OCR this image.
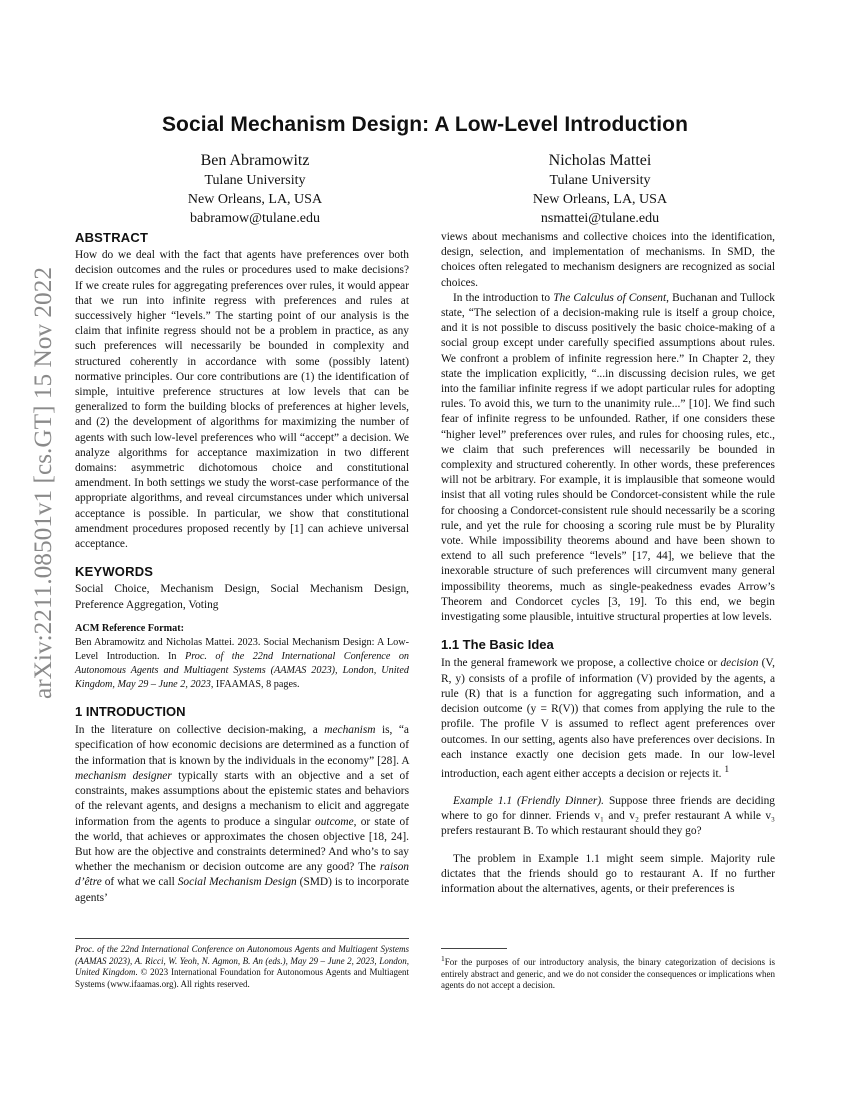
arXiv:2211.08501v1 [cs.GT] 15 Nov 2022
Social Mechanism Design: A Low-Level Introduction
Ben Abramowitz
Tulane University
New Orleans, LA, USA
babramow@tulane.edu
Nicholas Mattei
Tulane University
New Orleans, LA, USA
nsmattei@tulane.edu
ABSTRACT

How do we deal with the fact that agents have preferences over both decision outcomes and the rules or procedures used to make decisions? If we create rules for aggregating preferences over rules, it would appear that we run into infinite regress with preferences and rules at successively higher “levels.” The starting point of our analysis is the claim that infinite regress should not be a problem in practice, as any such preferences will necessarily be bounded in complexity and structured coherently in accordance with some (possibly latent) normative principles. Our core contributions are (1) the identification of simple, intuitive preference structures at low levels that can be generalized to form the building blocks of preferences at higher levels, and (2) the development of algorithms for maximizing the number of agents with such low-level preferences who will “accept” a decision. We analyze algorithms for acceptance maximization in two different domains: asymmetric dichotomous choice and constitutional amendment. In both settings we study the worst-case performance of the appropriate algorithms, and reveal circumstances under which universal acceptance is possible. In particular, we show that constitutional amendment procedures proposed recently by [1] can achieve universal acceptance.

KEYWORDS

Social Choice, Mechanism Design, Social Mechanism Design, Preference Aggregation, Voting

ACM Reference Format:

Ben Abramowitz and Nicholas Mattei. 2023. Social Mechanism Design: A Low-Level Introduction. In Proc. of the 22nd International Conference on Autonomous Agents and Multiagent Systems (AAMAS 2023), London, United Kingdom, May 29 – June 2, 2023, IFAAMAS, 8 pages.

1 INTRODUCTION

In the literature on collective decision-making, a mechanism is, “a specification of how economic decisions are determined as a function of the information that is known by the individuals in the economy” [28]. A mechanism designer typically starts with an objective and a set of constraints, makes assumptions about the epistemic states and behaviors of the relevant agents, and designs a mechanism to elicit and aggregate information from the agents to produce a singular outcome, or state of the world, that achieves or approximates the chosen objective [18, 24]. But how are the objective and constraints determined? And who’s to say whether the mechanism or decision outcome are any good? The raison d’être of what we call Social Mechanism Design (SMD) is to incorporate agents’

views about mechanisms and collective choices into the identification, design, selection, and implementation of mechanisms. In SMD, the choices often relegated to mechanism designers are recognized as social choices.

In the introduction to The Calculus of Consent, Buchanan and Tullock state, “The selection of a decision-making rule is itself a group choice, and it is not possible to discuss positively the basic choice-making of a social group except under carefully specified assumptions about rules. We confront a problem of infinite regression here.” In Chapter 2, they state the implication explicitly, “...in discussing decision rules, we get into the familiar infinite regress if we adopt particular rules for adopting rules. To avoid this, we turn to the unanimity rule...” [10]. We find such fear of infinite regress to be unfounded. Rather, if one considers these “higher level” preferences over rules, and rules for choosing rules, etc., we claim that such preferences will necessarily be bounded in complexity and structured coherently. In other words, these preferences will not be arbitrary. For example, it is implausible that someone would insist that all voting rules should be Condorcet-consistent while the rule for choosing a Condorcet-consistent rule should necessarily be a scoring rule, and yet the rule for choosing a scoring rule must be by Plurality vote. While impossibility theorems abound and have been shown to extend to all such preference “levels” [17, 44], we believe that the inexorable structure of such preferences will circumvent many general impossibility theorems, much as single-peakedness evades Arrow’s Theorem and Condorcet cycles [3, 19]. To this end, we begin investigating some plausible, intuitive structural properties at low levels.

1.1 The Basic Idea

In the general framework we propose, a collective choice or decision (V, R, y) consists of a profile of information (V) provided by the agents, a rule (R) that is a function for aggregating such information, and a decision outcome (y = R(V)) that comes from applying the rule to the profile. The profile V is assumed to reflect agent preferences over outcomes. In our setting, agents also have preferences over decisions. In each instance exactly one decision gets made. In our low-level introduction, each agent either accepts a decision or rejects it. $^1$

Example 1.1 (Friendly Dinner). Suppose three friends are deciding where to go for dinner. Friends v₁ and v₂ prefer restaurant A while v₃ prefers restaurant B. To which restaurant should they go?

The problem in Example 1.1 might seem simple. Majority rule dictates that the friends should go to restaurant A. If no further information about the alternatives, agents, or their preferences is

Proc. of the 22nd International Conference on Autonomous Agents and Multiagent Systems (AAMAS 2023), A. Ricci, W. Yeoh, N. Agmon, B. An (eds.), May 29 – June 2, 2023, London, United Kingdom. © 2023 International Foundation for Autonomous Agents and Multiagent Systems (www.ifaamas.org). All rights reserved.
$^1$For the purposes of our introductory analysis, the binary categorization of decisions is entirely abstract and generic, and we do not consider the consequences or implications when agents do not accept a decision.
